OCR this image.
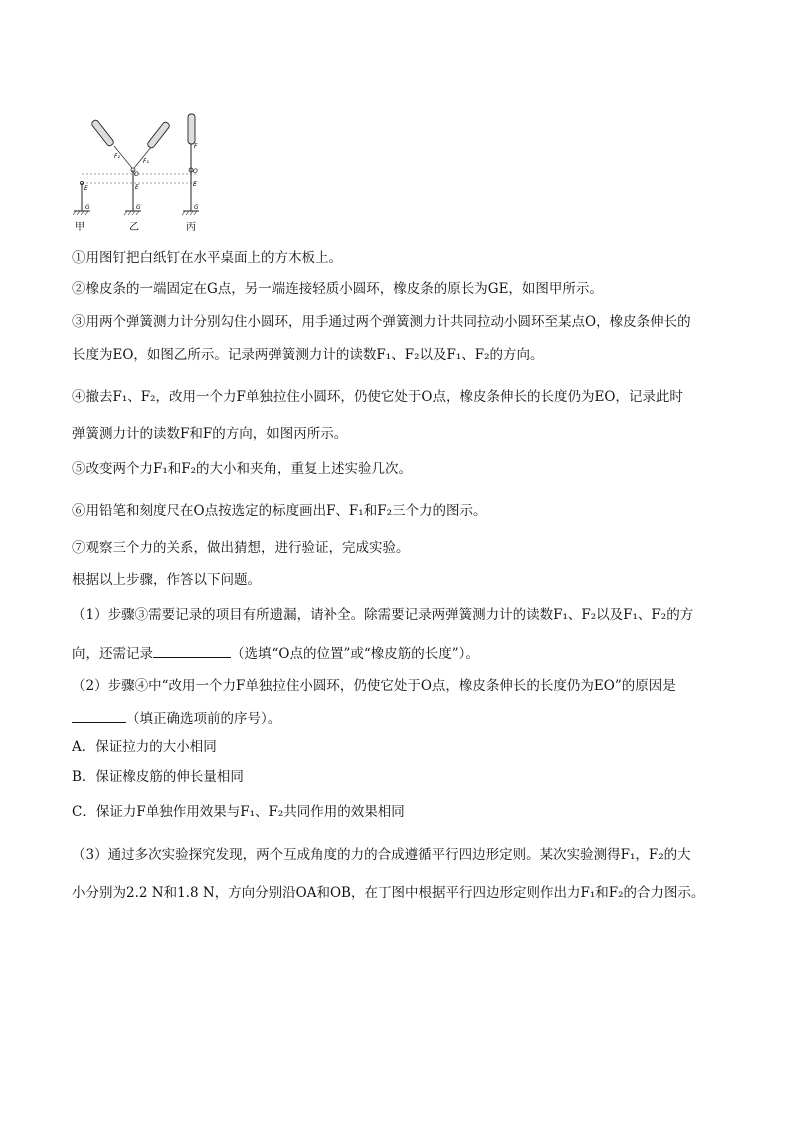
F₂
F₁
F
O	O
E	E	E
G	G	G
甲	乙	丙
①用图钉把白纸钉在水平桌面上的方木板上。
②橡皮条的一端固定在G点，另一端连接轻质小圆环，橡皮条的原长为GE，如图甲所示。
③用两个弹簧测力计分别勾住小圆环，用手通过两个弹簧测力计共同拉动小圆环至某点O，橡皮条伸长的
长度为EO，如图乙所示。记录两弹簧测力计的读数F₁、F₂以及F₁、F₂的方向。
④撤去F₁、F₂，改用一个力F单独拉住小圆环，仍使它处于O点，橡皮条伸长的长度仍为EO，记录此时
弹簧测力计的读数F和F的方向，如图丙所示。
⑤改变两个力F₁和F₂的大小和夹角，重复上述实验几次。
⑥用铅笔和刻度尺在O点按选定的标度画出F、F₁和F₂三个力的图示。
⑦观察三个力的关系，做出猜想，进行验证，完成实验。
根据以上步骤，作答以下问题。
（1）步骤③需要记录的项目有所遗漏，请补全。除需要记录两弹簧测力计的读数F₁、F₂以及F₁、F₂的方
向，还需记录	（选填“O点的位置”或“橡皮筋的长度”）。
（2）步骤④中“改用一个力F单独拉住小圆环，仍使它处于O点，橡皮条伸长的长度仍为EO”的原因是
（填正确选项前的序号）。
A．保证拉力的大小相同
B．保证橡皮筋的伸长量相同
C．保证力F单独作用效果与F₁、F₂共同作用的效果相同
（3）通过多次实验探究发现，两个互成角度的力的合成遵循平行四边形定则。某次实验测得F₁，F₂的大
小分别为2.2 N和1.8 N，方向分别沿OA和OB，在丁图中根据平行四边形定则作出力F₁和F₂的合力图示。
